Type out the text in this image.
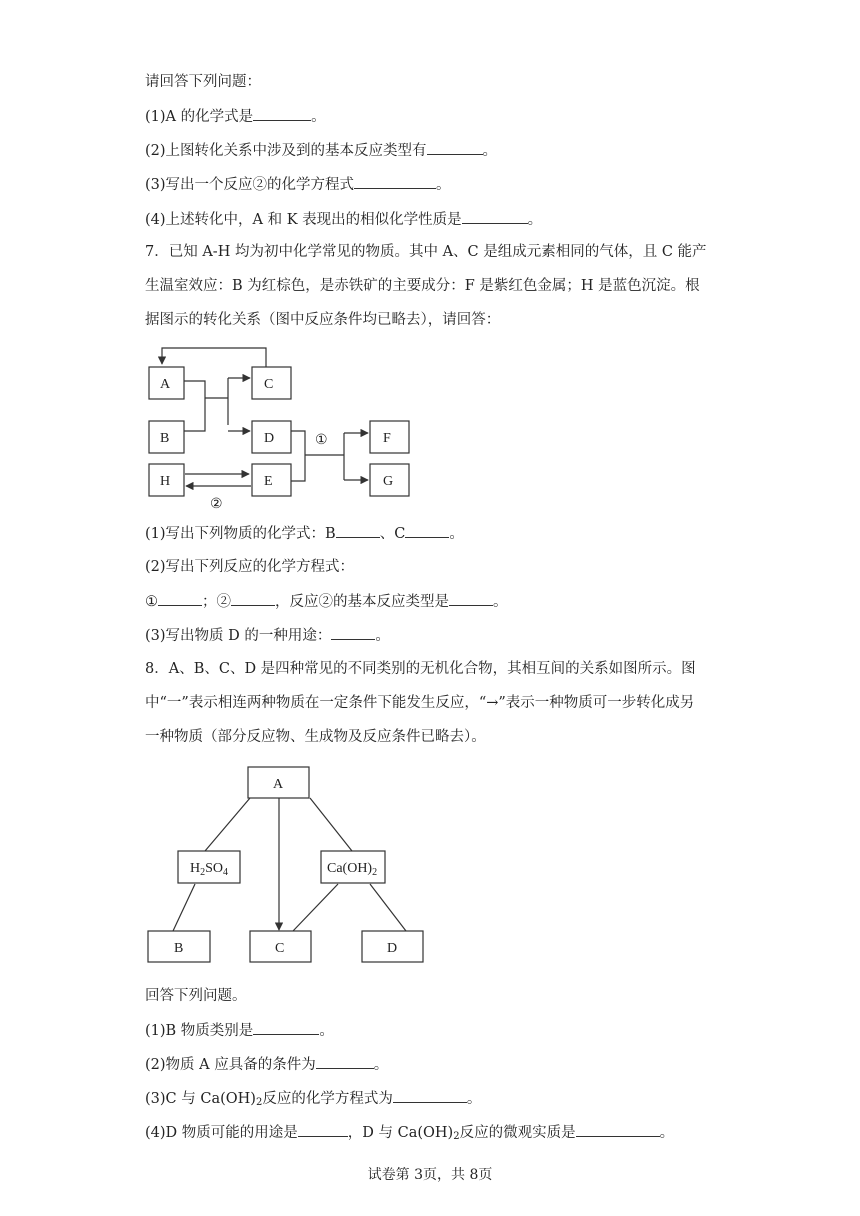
请回答下列问题：
(1)A 的化学式是	。
(2)上图转化关系中涉及到的基本反应类型有	。
(3)写出一个反应②的化学方程式	。
(4)上述转化中，A 和 K 表现出的相似化学性质是	。
7．已知 A-H 均为初中化学常见的物质。其中 A、C 是组成元素相同的气体，且 C 能产
生温室效应：B 为红棕色，是赤铁矿的主要成分：F 是紫红色金属；H 是蓝色沉淀。根
据图示的转化关系（图中反应条件均已略去），请回答：
(1)写出下列物质的化学式：B	、C	。
(2)写出下列反应的化学方程式：
①	；②	，反应②的基本反应类型是	。
(3)写出物质 D 的一种用途：	。
8．A、B、C、D 是四种常见的不同类别的无机化合物，其相互间的关系如图所示。图
中“一”表示相连两种物质在一定条件下能发生反应，“→”表示一种物质可一步转化成另
一种物质（部分反应物、生成物及反应条件已略去）。
回答下列问题。
(1)B 物质类别是	。
(2)物质 A 应具备的条件为	。
(3)C 与 $Ca(OH)_2$反应的化学方程式为	。
(4)D 物质可能的用途是	，D 与 $Ca(OH)_2$反应的微观实质是	。
试卷第 3页，共 8页
A
B
H
C
D
E
F
G
①
②
A
$H_2SO_4$	$Ca(OH)_2$
B	C	D
